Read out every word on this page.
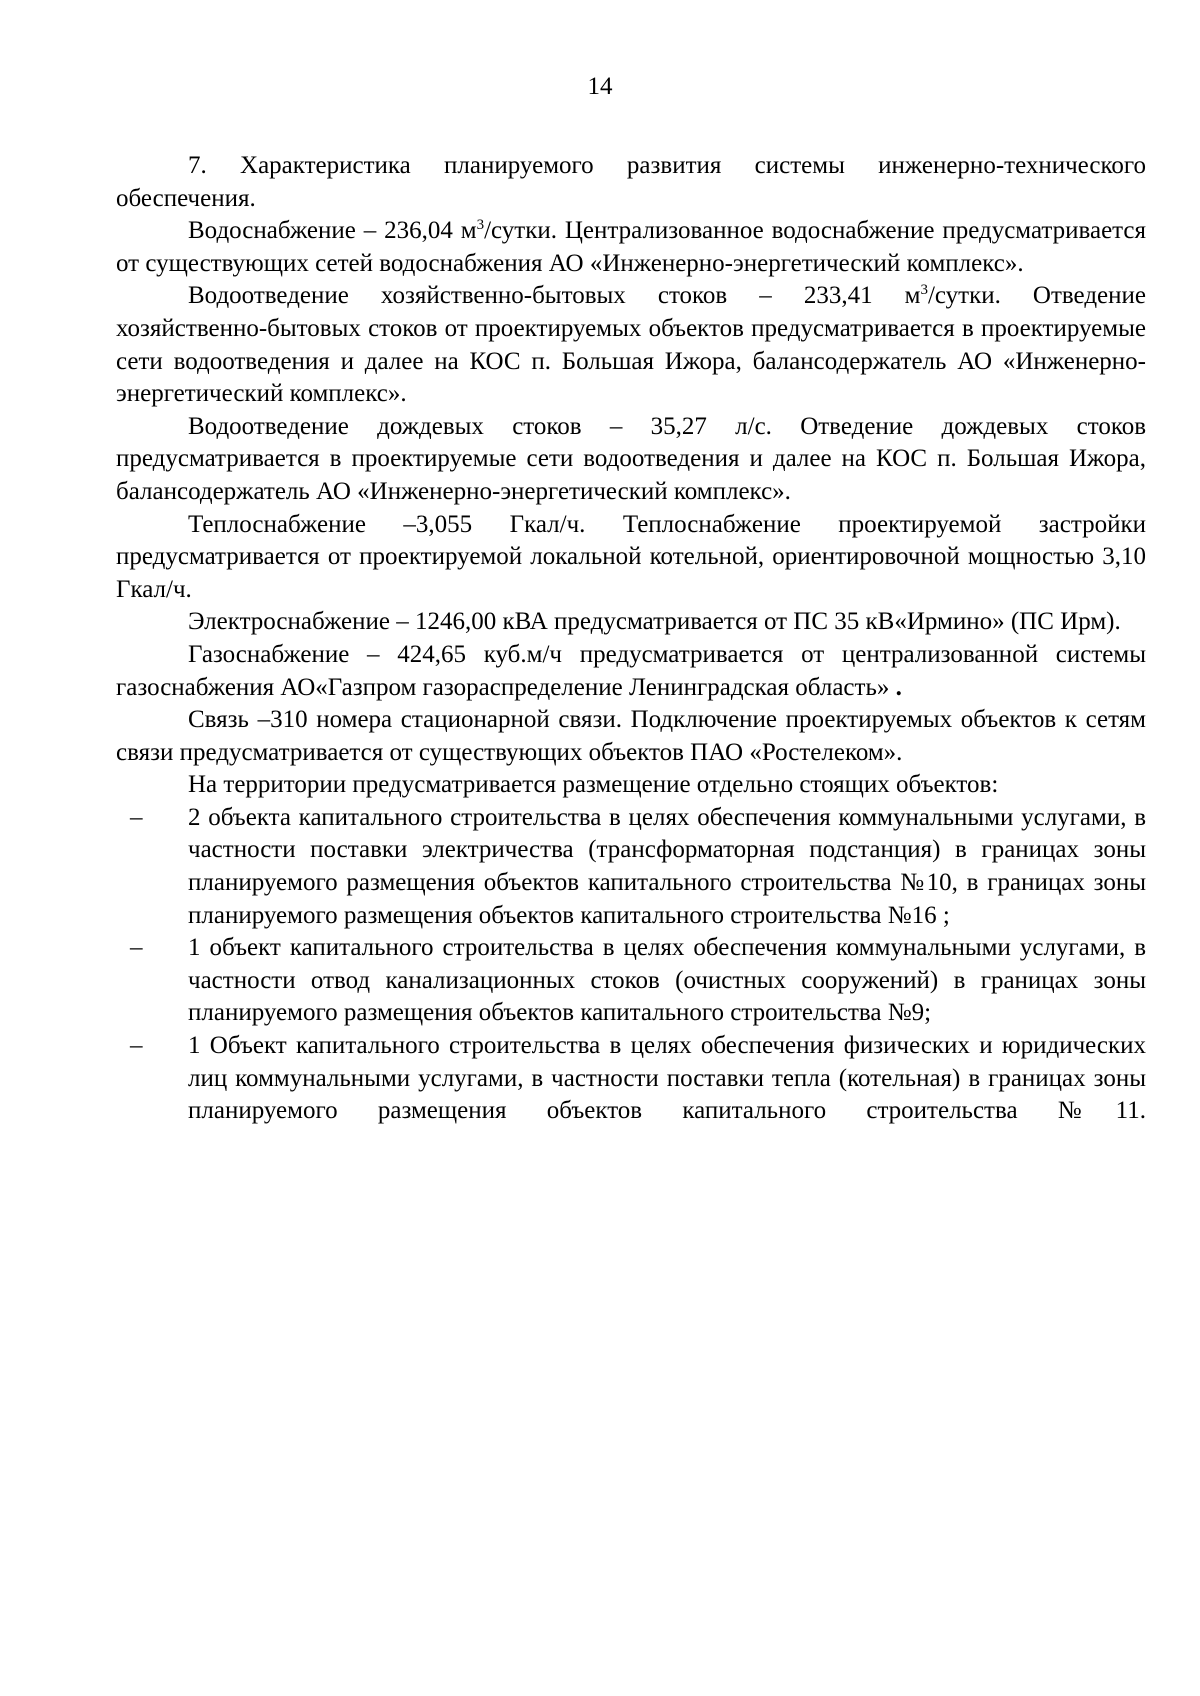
14

7. Характеристика планируемого развития системы инженерно-технического обеспечения.

Водоснабжение – 236,04 $м^3$/сутки. Централизованное водоснабжение предусматривается от существующих сетей водоснабжения АО «Инженерно-энергетический комплекс».

Водоотведение хозяйственно-бытовых стоков – 233,41 $м^3$/сутки. Отведение хозяйственно-бытовых стоков от проектируемых объектов предусматривается в проектируемые сети водоотведения и далее на КОС п. Большая Ижора, балансодержатель АО «Инженерно-энергетический комплекс».

Водоотведение дождевых стоков – 35,27 л/с. Отведение дождевых стоков предусматривается в проектируемые сети водоотведения и далее на КОС п. Большая Ижора, балансодержатель АО «Инженерно-энергетический комплекс».

Теплоснабжение –3,055 Гкал/ч. Теплоснабжение проектируемой застройки предусматривается от проектируемой локальной котельной, ориентировочной мощностью 3,10 Гкал/ч.

Электроснабжение – 1246,00 кВА предусматривается от ПС 35 кВ«Ирмино» (ПС Ирм).

Газоснабжение – 424,65 куб.м/ч предусматривается от централизованной системы газоснабжения АО«Газпром газораспределение Ленинградская область» .

Связь –310 номера стационарной связи. Подключение проектируемых объектов к сетям связи предусматривается от существующих объектов ПАО «Ростелеком».

На территории предусматривается размещение отдельно стоящих объектов:

– 2 объекта капитального строительства в целях обеспечения коммунальными услугами, в частности поставки электричества (трансформаторная подстанция) в границах зоны планируемого размещения объектов капитального строительства №10, в границах зоны планируемого размещения объектов капитального строительства №16 ;
– 1 объект капитального строительства в целях обеспечения коммунальными услугами, в частности отвод канализационных стоков (очистных сооружений) в границах зоны планируемого размещения объектов капитального строительства №9;
– 1 Объект капитального строительства в целях обеспечения физических и юридических лиц коммунальными услугами, в частности поставки тепла (котельная) в границах зоны планируемого размещения объектов капитального строительства №11.
